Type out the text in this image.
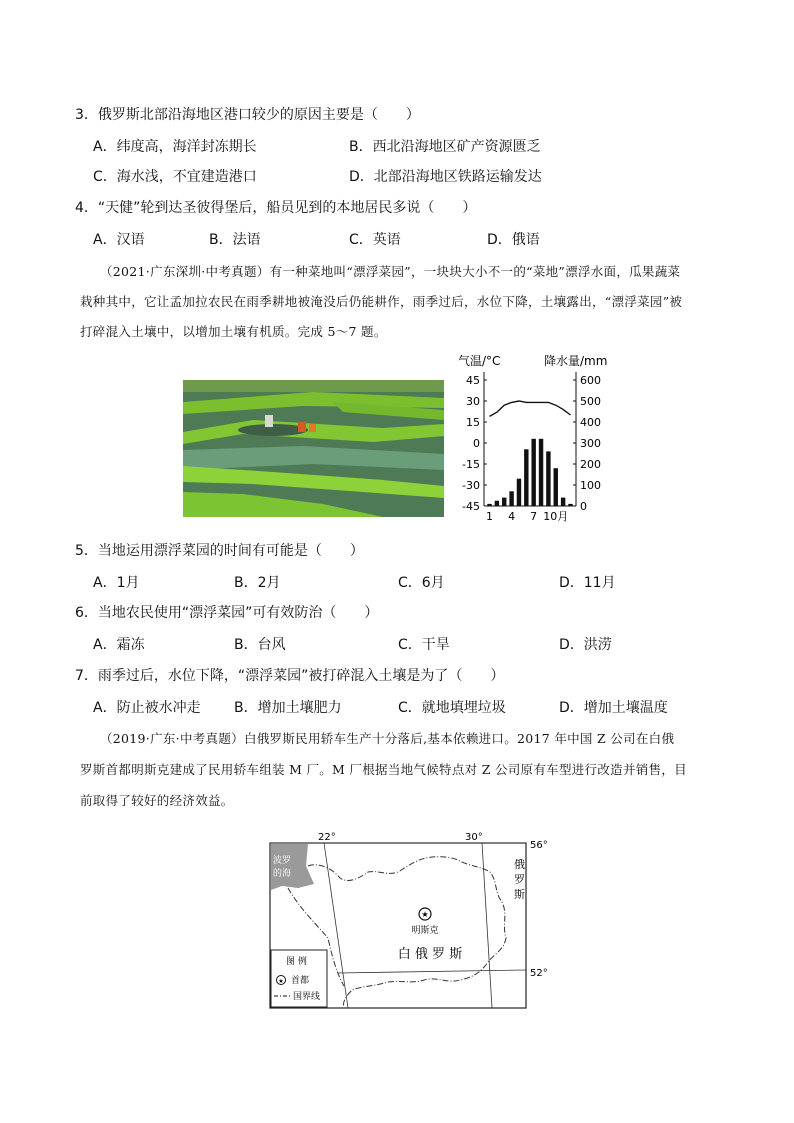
3．俄罗斯北部沿海地区港口较少的原因主要是（　　）
A．纬度高，海洋封冻期长	B．西北沿海地区矿产资源匮乏
C．海水浅，不宜建造港口	D．北部沿海地区铁路运输发达
4．“天健”轮到达圣彼得堡后，船员见到的本地居民多说（　　）
A．汉语	B．法语	C．英语	D．俄语
（2021·广东深圳·中考真题）有一种菜地叫“漂浮菜园”，一块块大小不一的“菜地”漂浮水面，瓜果蔬菜
栽种其中，它让孟加拉农民在雨季耕地被淹没后仍能耕作，雨季过后，水位下降，土壤露出，“漂浮菜园”被
打碎混入土壤中，以增加土壤有机质。完成 5～7 题。
气温/°C	降水量/mm
45
30
15
0
-15
-30
-45
600
500
400
300
200
100
0
1 4 7 10月
5．当地运用漂浮菜园的时间有可能是（　　）
A．1月	B．2月	C．6月	D．11月
6．当地农民使用“漂浮菜园”可有效防治（　　）
A．霜冻	B．台风	C．干旱	D．洪涝
7．雨季过后，水位下降，“漂浮菜园”被打碎混入土壤是为了（　　）
A．防止被水冲走 B．增加土壤肥力	C．就地填埋垃圾	D．增加土壤温度
（2019·广东·中考真题）白俄罗斯民用轿车生产十分落后,基本依赖进口。2017 年中国 Z 公司在白俄
罗斯首都明斯克建成了民用轿车组装 M 厂。M 厂根据当地气候特点对 Z 公司原有车型进行改造并销售，目
前取得了较好的经济效益。
★
明斯克
白 俄 罗 斯
22°	30°
56°
52°
波罗
的海
俄
罗
斯
图 例
★ 首都
国界线
